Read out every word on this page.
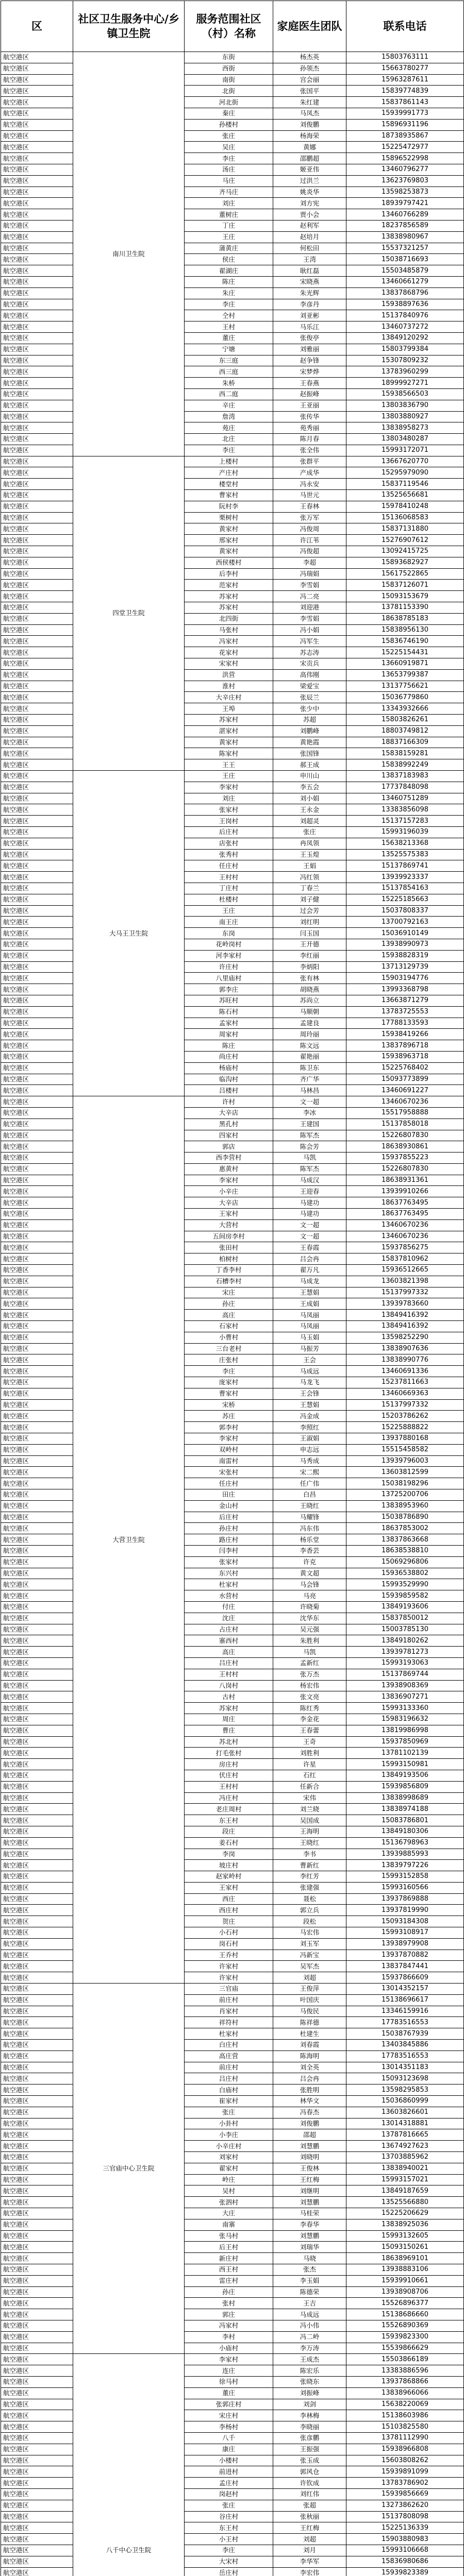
区	社区卫生服务中心/乡镇卫生院	服务范围社区（村）名称	家庭医生团队	联系电话
航空港区	南川卫生院	东街	杨杰英	15803763111
航空港区		西街	孙领杰	15663780277
航空港区		南街	宫会丽	15963287611
航空港区		北街	张国平	15839774839
航空港区		河北街	朱红建	15837861143
航空港区		秦庄	马凤杰	15939991773
航空港区		孙楼村	刘俊鹏	15896931196
航空港区		张庄	杨海荣	18738935867
航空港区		吴庄	黄娜	15225472977
航空港区		李庄	邵鹏超	15896522998
航空港区		汤庄	姬亚伟	13460796277
航空港区		马庄	过洪兰	13623769803
航空港区		齐马庄	姚炎华	13598253873
航空港区		刘庄	刘方宪	18939797421
航空港区		董树庄	贾小会	13460766289
航空港区		丁庄	赵利军	18237856589
航空港区		王庄	赵培月	13838980967
航空港区		蒲黄庄	何松田	15537321257
航空港区		侯庄	王湾	15038716693
航空港区		翟湖庄	耿红磊	15503485879
航空港区		陈庄	宋晓燕	13460661279
航空港区		朱庄	朱光辉	13837868796
航空港区		李庄	李彦丹	15938897636
航空港区		仝村	刘亚彬	15137840976
航空港区		王村	马乐江	13460737272
航空港区		董庄	张俊亭	13849120292
航空港区		宁塘	刘雅丽	15803799384
航空港区		东三庭	赵争锋	15307809232
航空港区		西三庭	宋梦烨	13783960299
航空港区		朱桥	王春燕	18999927271
航空港区		西二庭	赵振峰	15938566503
航空港区		辛庄	王亚丽	13803836790
航空港区		詹湾	张传华	13803880927
航空港区		苑庄	苑秀丽	13838958273
航空港区		北庄	陈月春	13803480287
航空港区		李庄	张全伟	15993172071
航空港区	四堂卫生院	上楼村	张群平	13667620770
航空港区		产庄村	产成华	15295979090
航空港区		楼堂村	冯永安	15837119546
航空港区		曹家村	马世元	13525656681
航空港区		阮村李	王春林	15978410248
航空港区		栗树村	张万军	15136068583
航空港区		黄家村	冯俊周	15837131880
航空港区		邢家村	许江苇	15276907612
航空港区		黄家村	冯俊超	13092415725
航空港区		西侯楼村	李超	15893682927
航空港区		后李村	冯瑞娟	15617522865
航空港区		范家村	李雪娟	15837126071
航空港区		苏家村	冯二亮	15093153679
航空港区		苏家村	刘迎港	13781153390
航空港区		北四街	李雪娟	18638785183
航空港区		马张村	冯小娟	15838956130
航空港区		冯家村	冯军生	15836746190
航空港区		花家村	苏志涛	15225154431
航空港区		宋家村	宋贡兵	13660919871
航空港区		洪营	高伟刚	13653799387
航空港区		淮村	梁爱宝	13137756621
航空港区		大辛庄村	张辰兰	15036779860
航空港区		王埠	张少中	13343932666
航空港区		苏家村	苏超	15803826261
航空港区		湛家村	刘鹏峰	18803749812
航空港区		黄家村	黄艳霞	18837166309
航空港区		陈家村	张国锋	15838159281
航空港区		王王	郝王成	15838992249
航空港区	大马王卫生院	王庄	申川山	13837183983
航空港区		李家村	李五会	17737848098
航空港区		刘庄	刘小娟	13460751289
航空港区		张家村	王永金	13383856098
航空港区		王岗村	刘超灵	15137157283
航空港区		后庄村	张庄	15993196039
航空港区		店张村	冉凤领	15638213368
航空港区		张秀村	王玉煌	13525575383
航空港区		任庄村	王娟	15137869741
航空港区		王村村	冯红领	13939923337
航空港区		丁庄村	丁春兰	15137854163
航空港区		杜楼村	刘子健	15225185663
航空港区		王庄	过会芳	15037808337
航空港区		南王庄	刘红明	13700792163
航空港区		东岗	闫玉国	15036910149
航空港区		花岭岗村	王开德	13938990973
航空港区		河李家村	李红丽	15938828319
航空港区		许庄村	李炳阳	13713129739
航空港区		八里庙村	张有林	15903194776
航空港区		郭李庄	胡晓燕	13993368798
航空港区		苏旺村	苏尚立	13663871279
航空港区		陈石村	马顺朝	13783725553
航空港区		孟家村	孟建良	17788133593
航空港区		周家村	周玲丽	15938419266
航空港区		陈庄	陈文远	13837896718
航空港区		尚庄村	翟艳丽	15938963718
航空港区		杨庙村	陈卫东	15225768402
航空港区		临沟村	齐广华	15093773899
航空港区		吕楼村	马林昌	13460691227
航空港区	大营卫生院	许村	文一超	13460670236
航空港区		大辛店	李冰	15517958888
航空港区		黑孔村	王建国	15137858018
航空港区		四家村	陈军杰	15226807830
航空港区		郭店	陈会芳	18638930861
航空港区		西李营村	马凯	15937855223
航空港区		惠黄村	陈军杰	15226807830
航空港区		李家村	马成汉	18638931361
航空港区		小辛庄	王迎春	13939910266
航空港区		大辛店	马建功	18637763495
航空港区		王家村	马建功	18637763495
航空港区		大营村	文一超	13460670236
航空港区		五间房李村	文一超	13460670236
航空港区		张田村	王春霞	15937856275
航空港区		柏树村	吕会冉	15837810962
航空港区		丁香李村	翟万凡	15936512665
航空港区		石槽李村	马成龙	13603821398
航空港区		宋庄	王慧娟	15137997332
航空港区		孙庄	王成娟	13939783660
航空港区		高庄	马凤丽	13849416392
航空港区		石家村	马凤丽	13849416392
航空港区		小曹村	马玉娟	13598252290
航空港区		三台老村	马振芳	13838907636
航空港区		庄张村	王会	13838990776
航空港区		李庄	马成远	13460691336
航空港区		庞家村	马龙飞	15237811663
航空港区		曹家村	王会锋	13460669363
航空港区		宋桥	王慧娟	15137997332
航空港区		苏庄	冯金成	15203786262
航空港区		郭李村	李照红	15225888822
航空港区		李家村	王淑娟	13937880168
航空港区		双岭村	申志远	15515458582
航空港区		南雷村	马秀成	13939796003
航空港区		宋张村	宋二熙	13603812599
航空港区		任庄村	任广伟	15038198296
航空港区		田庄	白昌	13725200706
航空港区		金山村	王晓红	13838953960
航空港区		后庄村	马耀锋	15038786890
航空港区		孙庄村	冯东伟	18637853002
航空港区		路庄村	杨乐堂	13837863668
航空港区		闫李村	李香芸	18638538810
航空港区		张家村	许克	15069296806
航空港区		东兴村	黄文超	15936538802
航空港区		杜家村	马会锋	15993529990
航空港区		水营村	马亮	15939859582
航空港区		付庄	许晓菊	13849193606
航空港区		沈庄	沈华东	15837850012
航空港区		占庄村	吴元强	15003785130
航空港区		寨西村	朱胜利	13849180262
航空港区		高庄	马凯	13939781273
航空港区		吕庄村	孟新红	15993193063
航空港区		王村村	张万杰	15137869744
航空港区		八岗村	杨宏伟	13938908369
航空港区		古村	张文亮	13836907271
航空港区		苏家村	陈红秀	15993133360
航空港区		周庄	李金花	15983196632
航空港区		曹庄	王春蕾	13819986998
航空港区		苏北村	王奇	15937850969
航空港区		打毛张村	刘胜利	13781102139
航空港区		房庄村	许星	15993150981
航空港区		伏庄村	石红	13849193506
航空港区		王村村	任新合	15939856809
航空港区		冯庄村	宋伟	13838998689
航空港区		老庄周村	刘兰晓	13838974188
航空港区		东王村	吴国成	15083786801
航空港区		段庄	王海明	13849180306
航空港区		姜石村	王晓红	15136798963
航空港区		李岗	李书	13939885993
航空港区		坡庄村	曹新红	13839797226
航空港区		赵家岭村	李红芳	15993152858
航空港区		王家村	张建强	15993160566
航空港区		西庄	聂松	13937869888
航空港区		西庄村	郭立兵	13937819990
航空港区		贺庄	段松	15093184308
航空港区		小石村	马宏伟	15993108917
航空港区		岗石村	刘玉军	13938979908
航空港区		王乔村	冯新宝	13937870882
航空港区		许家村	吴军杰	13837847441
航空港区		许家村	刘超	15937866609
航空港区	三官庙中心卫生院	三官庙	王俊萍	13014352157
航空港区		前庄村	叶国庆	15138696617
航空港区		肖家村	马俊民	13346159916
航空港区		祥符村	陈祥德	17783516553
航空港区		杜家村	杜建生	15038767939
航空港区		白庄村	刘春霞	13403845886
航空港区		高庄营	陈海明	17783516553
航空港区		前庄村	刘全英	13014351183
航空港区		吕庄村	吕会冉	15093123698
航空港区		白庙村	张胜明	13598295853
航空港区		崔家村	林华文	15036860999
航空港区		张庄	冯春杰	13603826601
航空港区		小卦村	刘俊鹏	13014318881
航空港区		小李庄	邵超	13787816665
航空港区		小辛庄村	刘慧鹏	13674927623
航空港区		刘家村	刘晓明	13703885962
航空港区		翟家村	王俊林	13838940021
航空港区		岭庄	王红梅	15993157021
航空港区		吴村	刘继明	13849187659
航空港区		张泗村	刘慧鹏	13525566880
航空港区		大庄	马桂荣	15225206629
航空港区		南寨	李春华	13838925036
航空港区		张马村	刘慧鹏	15993132605
航空港区		后王村	刘瑞华	15093150261
航空港区		新庄村	马晓	18638969101
航空港区		西王村	张杰	13938883106
航空港区		雷庄村	李玉娟	15939910661
航空港区		孙庄	陈德荣	13938908706
航空港区		张村	王吉	15526896377
航空港区		郭庄	马成远	15138686660
航空港区		冯家村	冯小伟	15526890369
航空港区		李村	冯二岭	15939823300
航空港区		小庙村	李万涛	15539866629
航空港区	八千中心卫生院	李家村	王成杰	15503866189
航空港区		连庄	陈宏乐	13383886596
航空港区		徐马村	张晓东	13937868866
航空港区		董庄	刘振峰	13838966066
航空港区		张郭庄村	刘剑	15638220069
航空港区		宋庄村	李林梅	15138603986
航空港区		李杨村	李晓丽	15103825580
航空港区		八千	张彦鹏	13781112990
航空港区		康庄	王振强	15938966808
航空港区		小楼村	张玉成	15603808262
航空港区		前进村	郭风仓	15939891099
航空港区		孟庄村	许钦成	13783786902
航空港区		岗赵村	刘红伟	15939856669
航空港区		张庄	张超	13273862620
航空港区		谷庄村	张秋丽	15137808098
航空港区		东王村	王红梅	15225136339
航空港区		小王村	刘超	15903880983
航空港区		李庄	刘月	15993106668
航空港区		大宋村	李华军	15836980686
航空港区		岳庄村	李宏伟	15939823389
